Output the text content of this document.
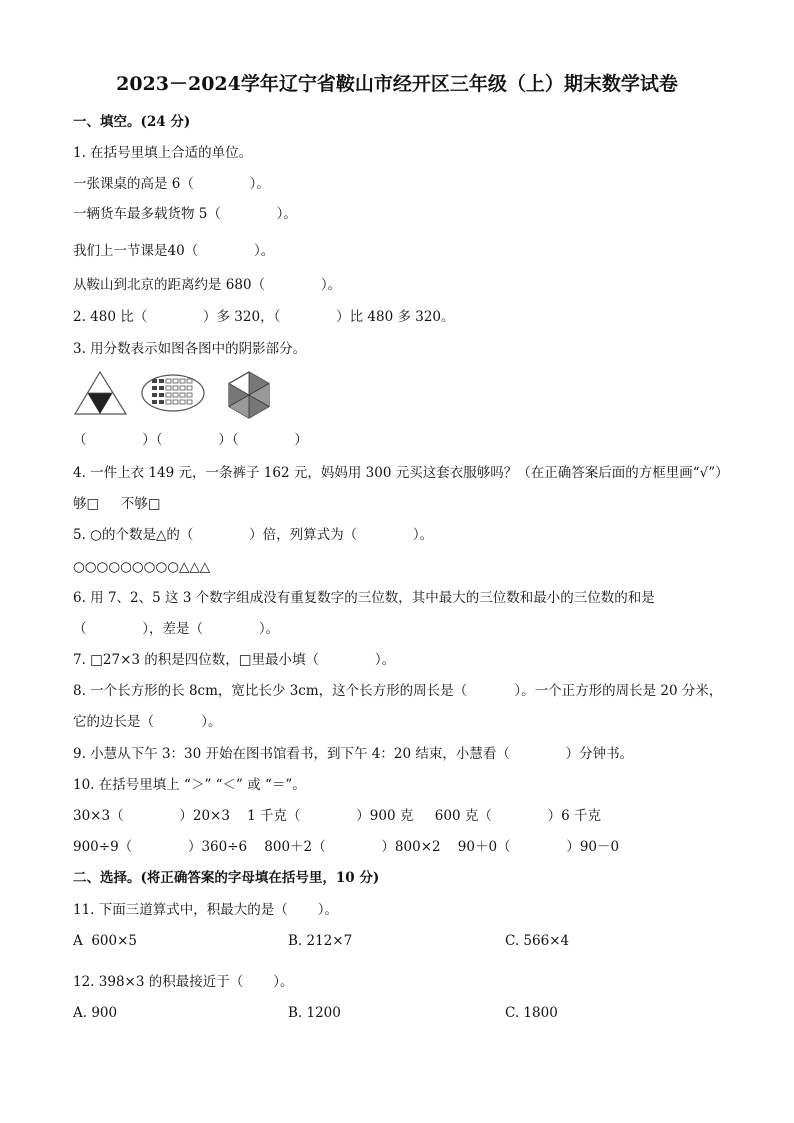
2023－2024学年辽宁省鞍山市经开区三年级（上）期末数学试卷
一、填空。(24 分)
1. 在括号里填上合适的单位。
一张课桌的高是 6（             ）。
一辆货车最多载货物 5（             ）。
我们上一节课是40（             ）。
从鞍山到北京的距离约是 680（             ）。
2. 480 比（             ）多 320，（             ）比 480 多 320。
3. 用分数表示如图各图中的阴影部分。
（             ）（             ）（             ）
4. 一件上衣 149 元，一条裤子 162 元，妈妈用 300 元买这套衣服够吗？（在正确答案后面的方框里画“√”）
够□     不够□
5. ○的个数是△的（             ）倍，列算式为（             ）。
○○○○○○○○○△△△
6. 用 7、2、5 这 3 个数字组成没有重复数字的三位数，其中最大的三位数和最小的三位数的和是
（             ），差是（             ）。
7. □27×3 的积是四位数，□里最小填（             ）。
8. 一个长方形的长 8cm，宽比长少 3cm，这个长方形的周长是（           ）。一个正方形的周长是 20 分米，
它的边长是（           ）。
9. 小慧从下午 3：30 开始在图书馆看书，到下午 4：20 结束，小慧看（             ）分钟书。
10. 在括号里填上 “＞” “＜” 或 “＝”。
30×3（             ）20×3    1 千克（             ）900 克     600 克（             ）6 千克
900÷9（             ）360÷6    800＋2（             ）800×2    90＋0（             ）90－0
二、选择。(将正确答案的字母填在括号里，10 分)
11. 下面三道算式中，积最大的是（       ）。
A  600×5	B. 212×7	C. 566×4
12. 398×3 的积最接近于（       ）。
A. 900	B. 1200	C. 1800
